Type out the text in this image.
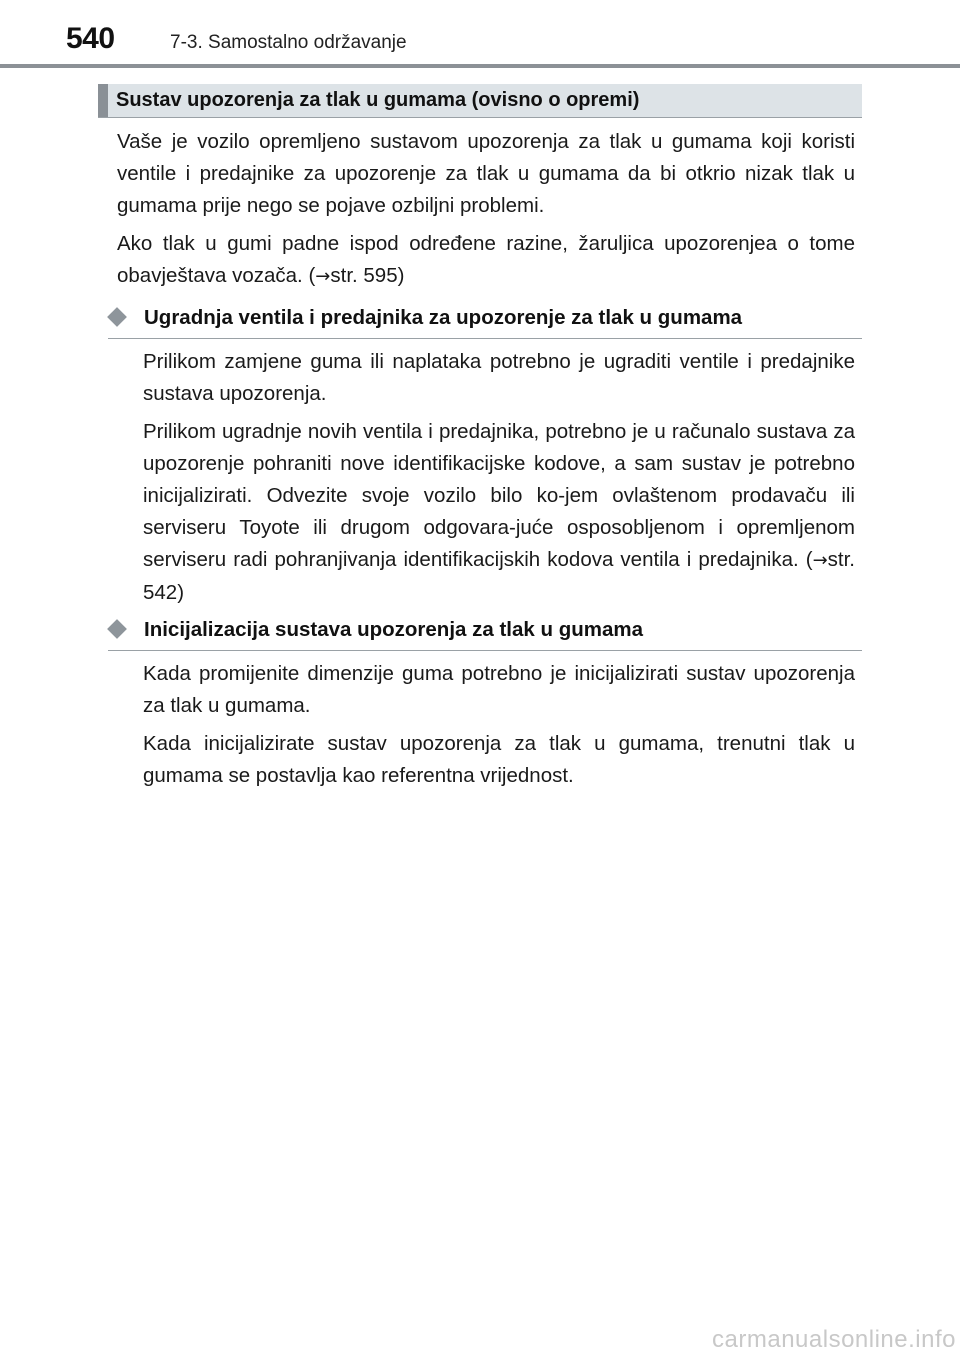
540	7-3. Samostalno održavanje
Sustav upozorenja za tlak u gumama (ovisno o opremi)

Vaše je vozilo opremljeno sustavom upozorenja za tlak u gumama koji koristi ventile i predajnike za upozorenje za tlak u gumama da bi otkrio nizak tlak u gumama prije nego se pojave ozbiljni problemi.

Ako tlak u gumi padne ispod određene razine, žaruljica upozorenjea o tome obavještava vozača. (→str. 595)

Ugradnja ventila i predajnika za upozorenje za tlak u gumama

Prilikom zamjene guma ili naplataka potrebno je ugraditi ventile i predajnike sustava upozorenja.

Prilikom ugradnje novih ventila i predajnika, potrebno je u računalo sustava za upozorenje pohraniti nove identifikacijske kodove, a sam sustav je potrebno inicijalizirati. Odvezite svoje vozilo bilo ko-jem ovlaštenom prodavaču ili serviseru Toyote ili drugom odgovara-juće osposobljenom i opremljenom serviseru radi pohranjivanja identifikacijskih kodova ventila i predajnika. (→str. 542)

Inicijalizacija sustava upozorenja za tlak u gumama

Kada promijenite dimenzije guma potrebno je inicijalizirati sustav upozorenja za tlak u gumama.

Kada inicijalizirate sustav upozorenja za tlak u gumama, trenutni tlak u gumama se postavlja kao referentna vrijednost.

carmanualsonline.info
